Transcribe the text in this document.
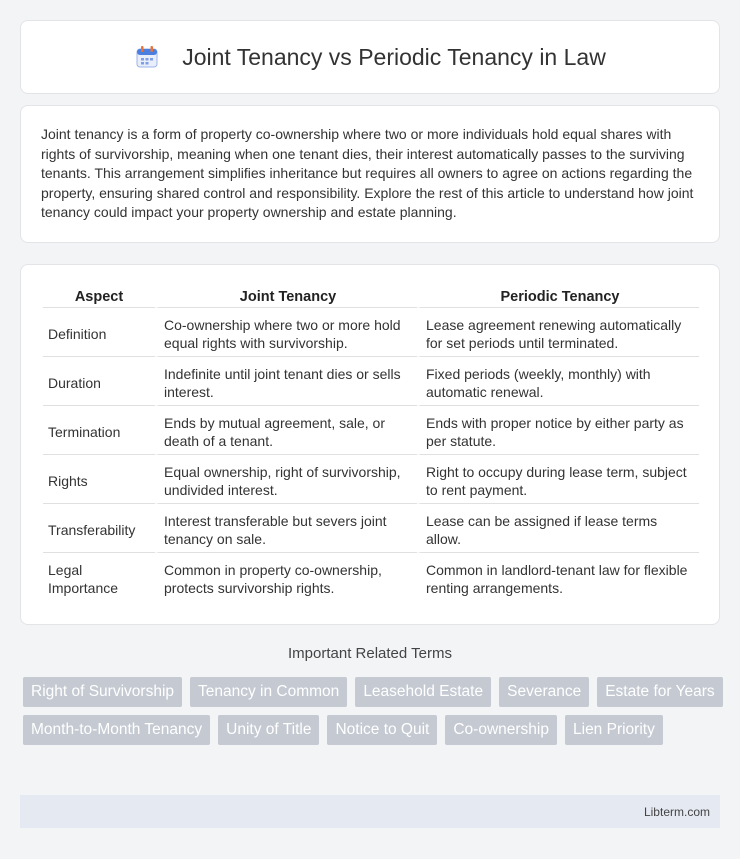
Joint Tenancy vs Periodic Tenancy in Law

Joint tenancy is a form of property co-ownership where two or more individuals hold equal shares with rights of survivorship, meaning when one tenant dies, their interest automatically passes to the surviving tenants. This arrangement simplifies inheritance but requires all owners to agree on actions regarding the property, ensuring shared control and responsibility. Explore the rest of this article to understand how joint tenancy could impact your property ownership and estate planning.

Aspect	Joint Tenancy	Periodic Tenancy
Definition	Co-ownership where two or more hold equal rights with survivorship.	Lease agreement renewing automatically for set periods until terminated.
Duration	Indefinite until joint tenant dies or sells interest.	Fixed periods (weekly, monthly) with automatic renewal.
Termination	Ends by mutual agreement, sale, or death of a tenant.	Ends with proper notice by either party as per statute.
Rights	Equal ownership, right of survivorship, undivided interest.	Right to occupy during lease term, subject to rent payment.
Transferability	Interest transferable but severs joint tenancy on sale.	Lease can be assigned if lease terms allow.
Legal Importance	Common in property co-ownership, protects survivorship rights.	Common in landlord-tenant law for flexible renting arrangements.
Important Related Terms
Right of Survivorship	Tenancy in Common	Leasehold Estate	Severance	Estate for Years
Month-to-Month Tenancy	Unity of Title	Notice to Quit	Co-ownership	Lien Priority
Libterm.com
